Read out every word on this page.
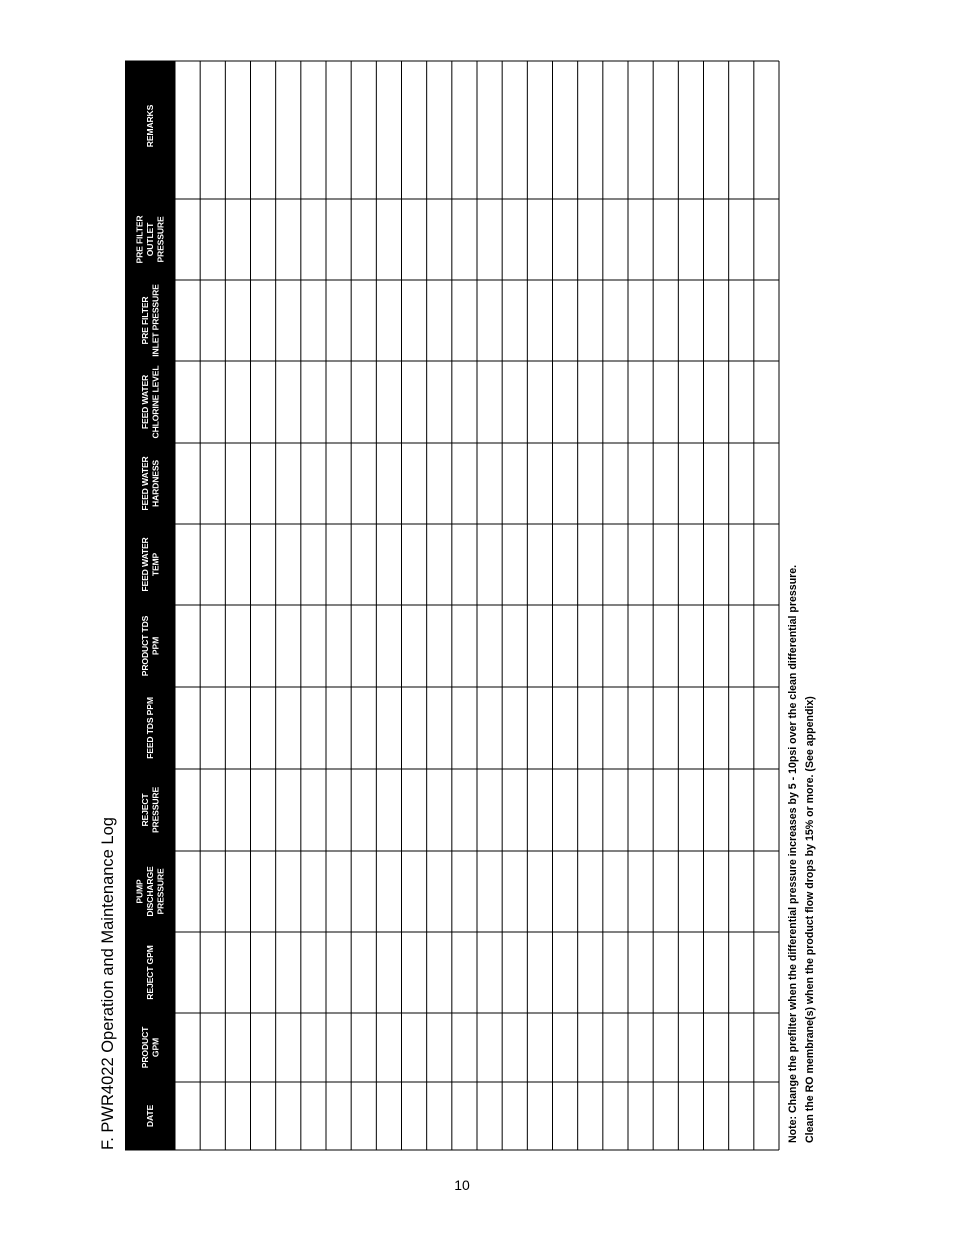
DATE
PRODUCTGPM
REJECT GPM
PUMPDISCHARGEPRESSURE
REJECTPRESSURE
FEED TDS PPM
PRODUCT TDSPPM
FEED WATERTEMP
FEED WATERHARDNESS
FEED WATERCHLORINE LEVEL
PRE FILTERINLET PRESSURE
PRE FILTEROUTLETPRESSURE
REMARKS
F. PWR4022 Operation and Maintenance Log	Note: Change the prefilter when the differential pressure increases by 5 - 10psi over the clean differential pressure. Clean the RO membrane(s) when the product flow drops by 15% or more. (See appendix)
10
